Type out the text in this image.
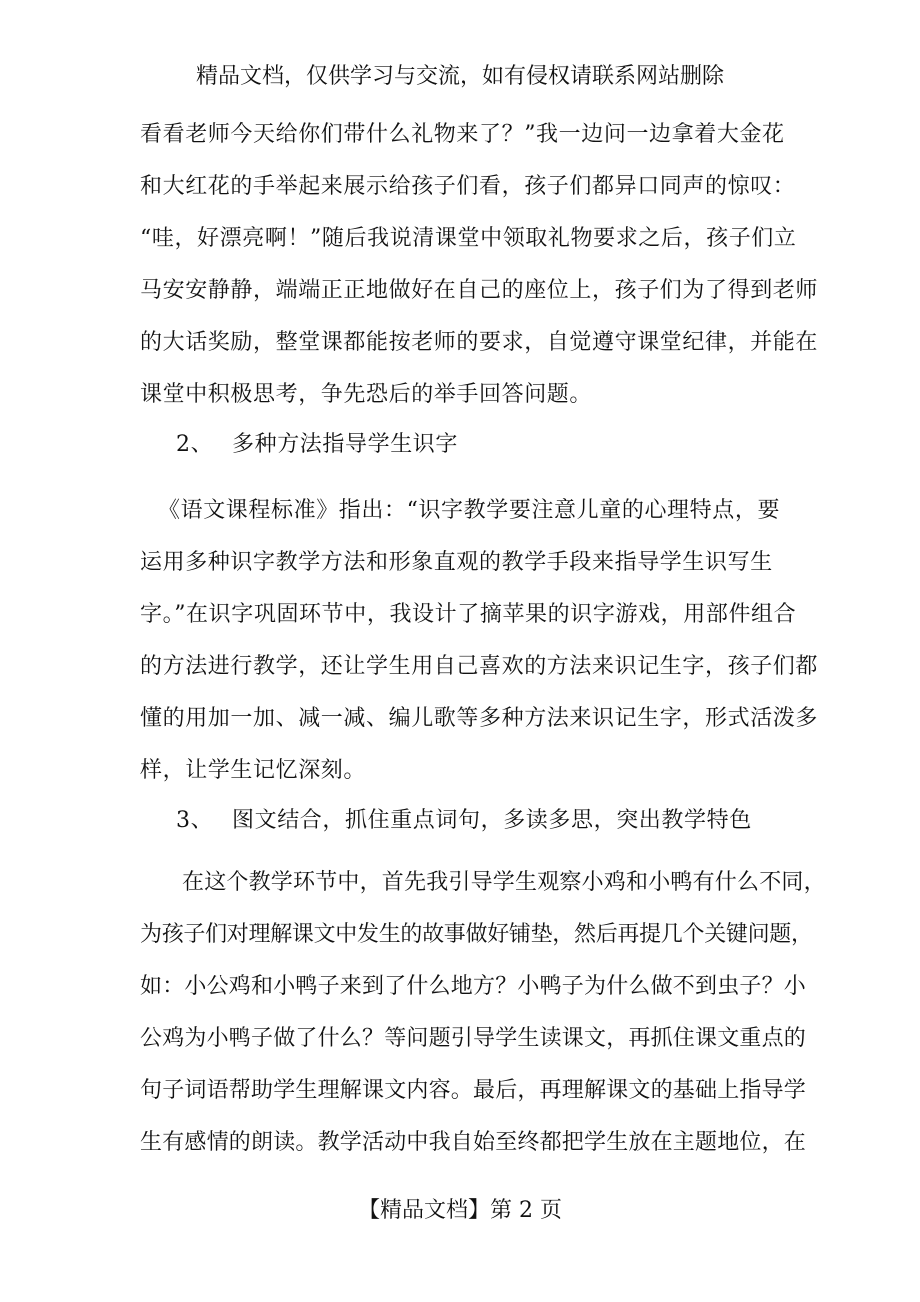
精品文档，仅供学习与交流，如有侵权请联系网站删除
看看老师今天给你们带什么礼物来了？”我一边问一边拿着大金花
和大红花的手举起来展示给孩子们看，孩子们都异口同声的惊叹：
“哇，好漂亮啊！”随后我说清课堂中领取礼物要求之后，孩子们立
马安安静静，端端正正地做好在自己的座位上，孩子们为了得到老师
的大话奖励，整堂课都能按老师的要求，自觉遵守课堂纪律，并能在
课堂中积极思考，争先恐后的举手回答问题。
2、 多种方法指导学生识字
《语文课程标准》指出：“识字教学要注意儿童的心理特点，要
运用多种识字教学方法和形象直观的教学手段来指导学生识写生
字。”在识字巩固环节中，我设计了摘苹果的识字游戏，用部件组合
的方法进行教学，还让学生用自己喜欢的方法来识记生字，孩子们都
懂的用加一加、减一减、编儿歌等多种方法来识记生字，形式活泼多
样，让学生记忆深刻。
3、 图文结合，抓住重点词句，多读多思，突出教学特色
在这个教学环节中，首先我引导学生观察小鸡和小鸭有什么不同，
为孩子们对理解课文中发生的故事做好铺垫，然后再提几个关键问题，
如：小公鸡和小鸭子来到了什么地方？小鸭子为什么做不到虫子？小
公鸡为小鸭子做了什么？等问题引导学生读课文，再抓住课文重点的
句子词语帮助学生理解课文内容。最后，再理解课文的基础上指导学
生有感情的朗读。教学活动中我自始至终都把学生放在主题地位，在
【精品文档】第 2 页
